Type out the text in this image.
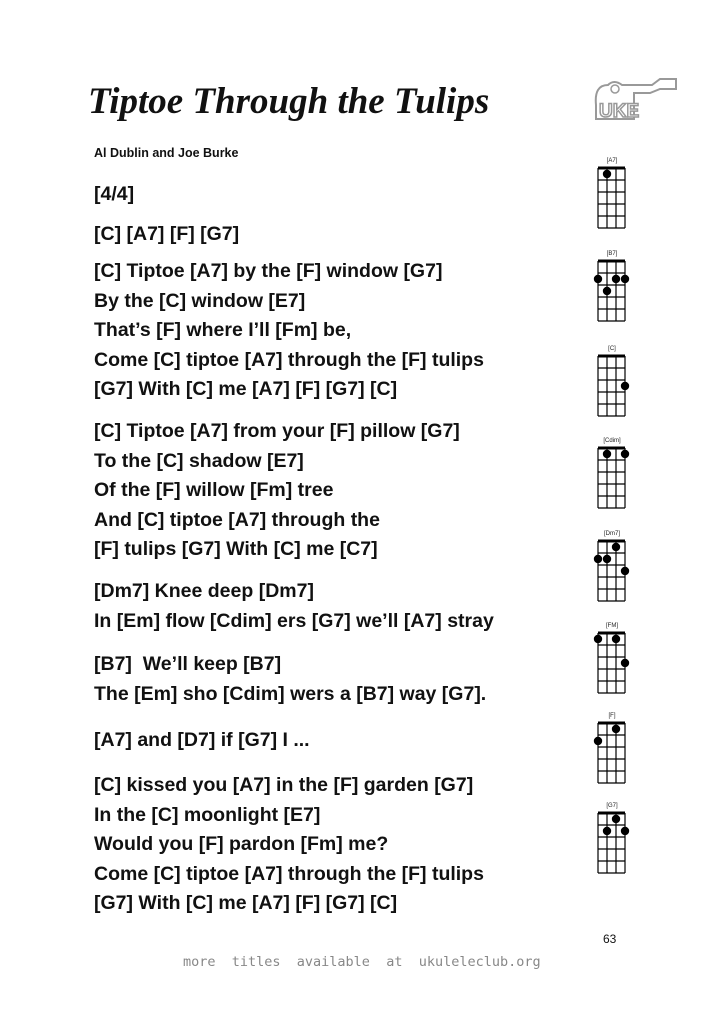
Tiptoe Through the Tulips
Al Dublin and Joe Burke
UKE
[4/4]
[C] [A7] [F] [G7]
[C] Tiptoe [A7] by the [F] window [G7]
By the [C] window [E7]
That’s [F] where I’ll [Fm] be,
Come [C] tiptoe [A7] through the [F] tulips
[G7] With [C] me [A7] [F] [G7] [C]
[C] Tiptoe [A7] from your [F] pillow [G7]
To the [C] shadow [E7]
Of the [F] willow [Fm] tree
And [C] tiptoe [A7] through the
[F] tulips [G7] With [C] me [C7]
[Dm7] Knee deep [Dm7]
In [Em] flow [Cdim] ers [G7] we’ll [A7] stray
[B7]  We’ll keep [B7]
The [Em] sho [Cdim] wers a [B7] way [G7].
[A7] and [D7] if [G7] I ...
[C] kissed you [A7] in the [F] garden [G7]
In the [C] moonlight [E7]
Would you [F] pardon [Fm] me?
Come [C] tiptoe [A7] through the [F] tulips
[G7] With [C] me [A7] [F] [G7] [C]
[A7]
[B7]
[C]
[Cdim]
[Dm7]
[FM]
[F]
[G7]
63
more  titles  available  at  ukuleleclub.org
